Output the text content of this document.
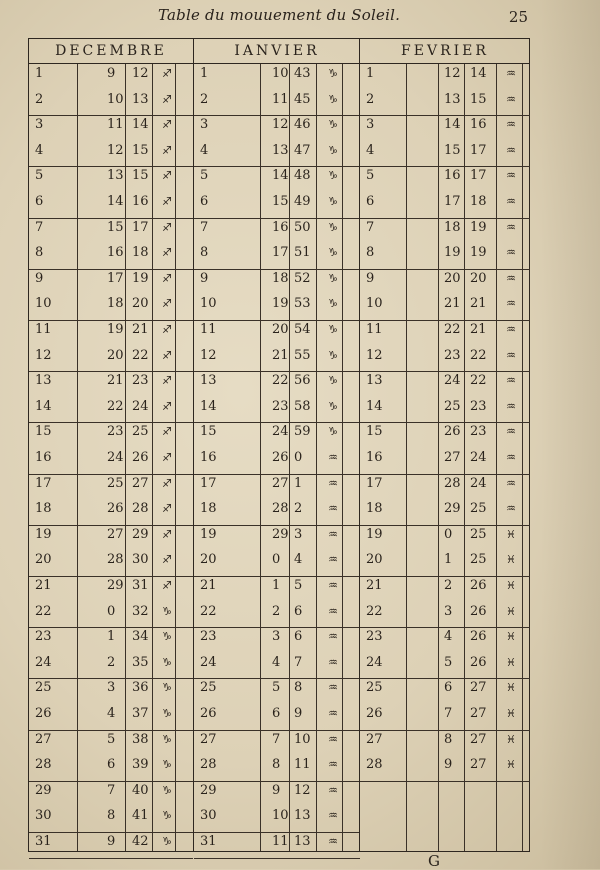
Table du mouuement du Soleil.	25
DECEMBRE
1	9 12 ♐
2	10 13 ♐
3	11 14 ♐
4	12 15 ♐
5	13 15 ♐
6	14 16 ♐
7	15 17 ♐
8	16 18 ♐
9	17 19 ♐
10	18 20 ♐
11	19 21 ♐
12	20 22 ♐
13	21 23 ♐
14	22 24 ♐
15	23 25 ♐
16	24 26 ♐
17	25 27 ♐
18	26 28 ♐
19	27 29 ♐
20	28 30 ♐
21	29 31 ♐
22	0 32 ♑
23	1 34 ♑
24	2 35 ♑
25	3 36 ♑
26	4 37 ♑
27	5 38 ♑
28	6 39 ♑
29	7 40 ♑
30	8 41 ♑
31	9 42 ♑
IANVIER
1	10 43 ♑
2	11 45 ♑
3	12 46 ♑
4	13 47 ♑
5	14 48 ♑
6	15 49 ♑
7	16 50 ♑
8	17 51 ♑
9	18 52 ♑
10	19 53 ♑
11	20 54 ♑
12	21 55 ♑
13	22 56 ♑
14	23 58 ♑
15	24 59 ♑
16	26 0 ♒
17	27 1 ♒
18	28 2 ♒
19	29 3 ♒
20	0 4 ♒
21	1 5 ♒
22	2 6 ♒
23	3 6 ♒
24	4 7 ♒
25	5 8 ♒
26	6 9 ♒
27	7 10 ♒
28	8 11 ♒
29	9 12 ♒
30	10 13 ♒
31	11 13 ♒
FEVRIER
1	12 14 ♒
2	13 15 ♒
3	14 16 ♒
4	15 17 ♒
5	16 17 ♒
6	17 18 ♒
7	18 19 ♒
8	19 19 ♒
9	20 20 ♒
10	21 21 ♒
11	22 21 ♒
12	23 22 ♒
13	24 22 ♒
14	25 23 ♒
15	26 23 ♒
16	27 24 ♒
17	28 24 ♒
18	29 25 ♒
19	0 25 ♓
20	1 25 ♓
21	2 26 ♓
22	3 26 ♓
23	4 26 ♓
24	5 26 ♓
25	6 27 ♓
26	7 27 ♓
27	8 27 ♓
28	9 27 ♓
G
